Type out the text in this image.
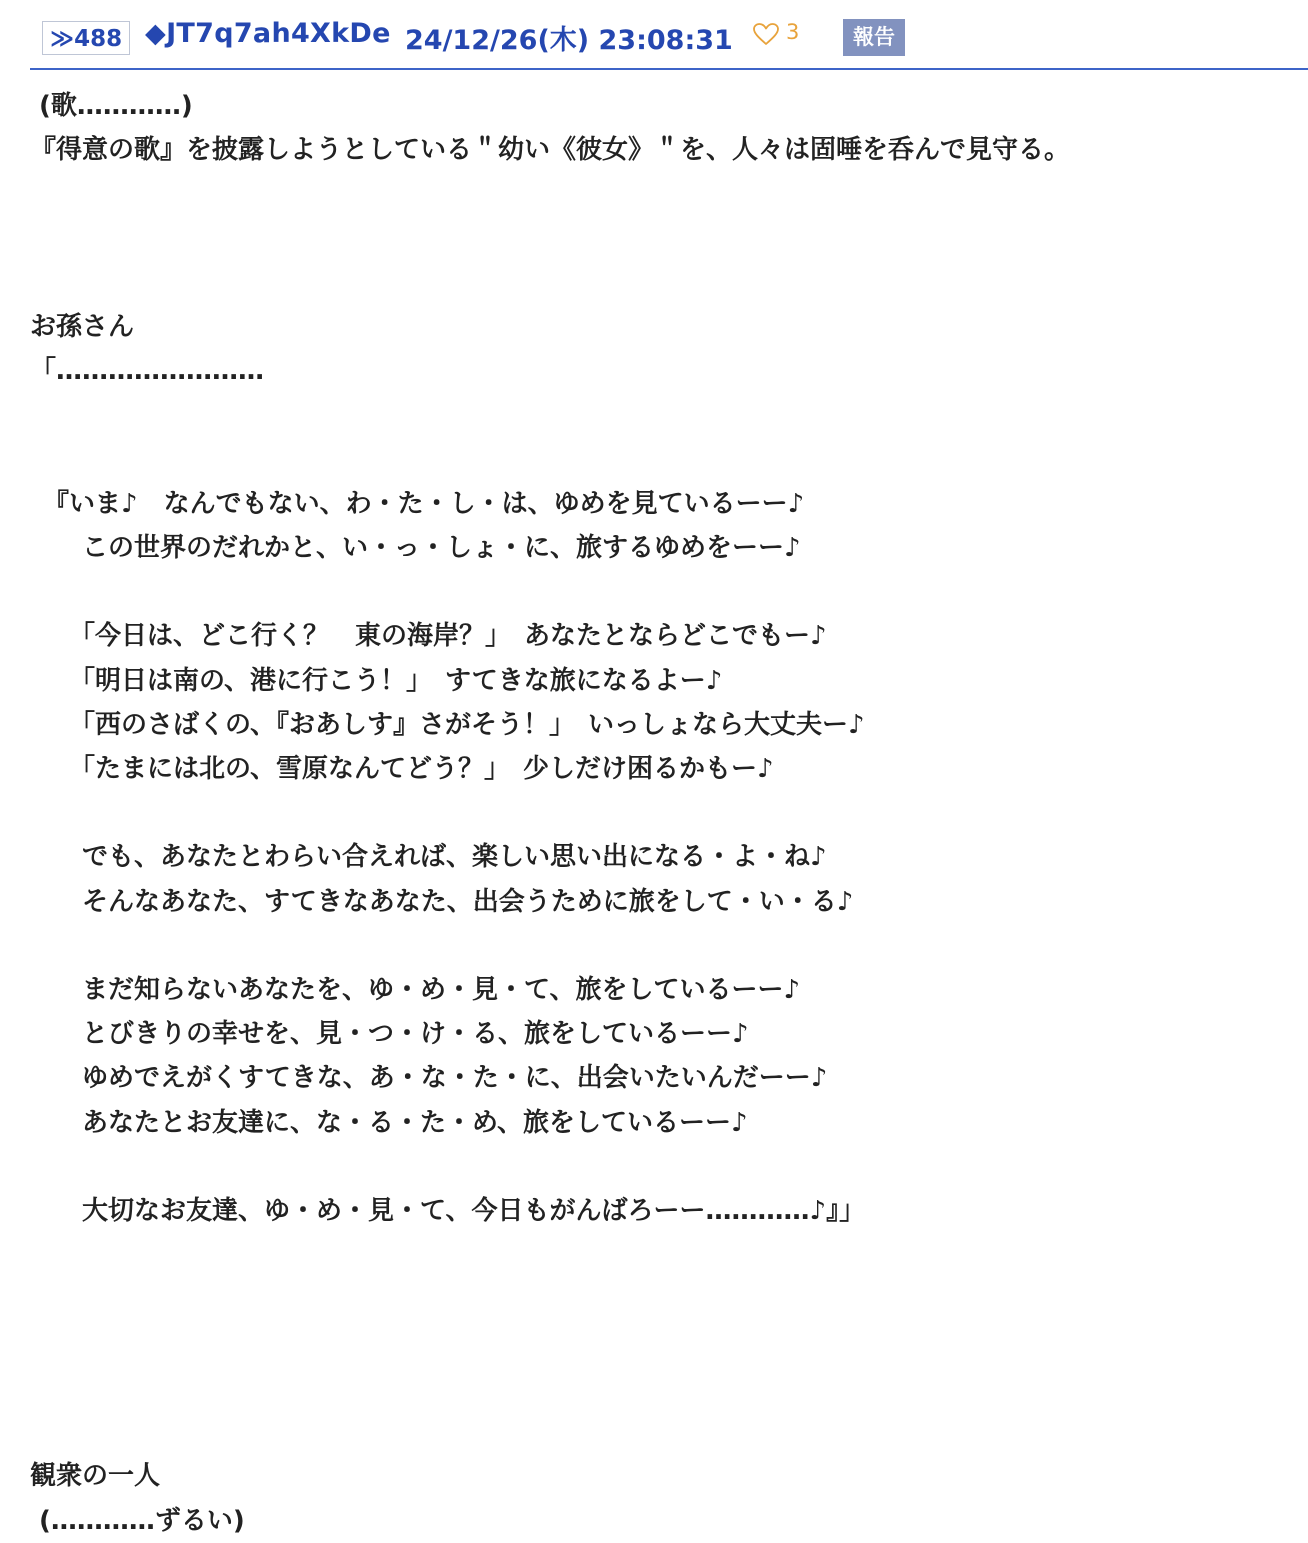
≫488 ◆JT7q7ah4XkDe 24/12/26(木) 23:08:31	3	報告
(歌…………)
『得意の歌』を披露しようとしている＂幼い《彼女》＂を、人々は固唾を呑んで見守る。

お孫さん
「……………………

　『いま♪　なんでもない、わ・た・し・は、ゆめを見ているーー♪
　　この世界のだれかと、い・っ・しょ・に、旅するゆめをーー♪

　　「今日は、どこ行く？　東の海岸？」　あなたとならどこでもー♪
　　「明日は南の、港に行こう！」　すてきな旅になるよー♪
　　「西のさばくの、『おあしす』さがそう！」　いっしょなら大丈夫ー♪
　　「たまには北の、雪原なんてどう？」　少しだけ困るかもー♪

　　でも、あなたとわらい合えれば、楽しい思い出になる・よ・ね♪
　　そんなあなた、すてきなあなた、出会うために旅をして・い・る♪

　　まだ知らないあなたを、ゆ・め・見・て、旅をしているーー♪
　　とびきりの幸せを、見・つ・け・る、旅をしているーー♪
　　ゆめでえがくすてきな、あ・な・た・に、出会いたいんだーー♪
　　あなたとお友達に、な・る・た・め、旅をしているーー♪

　　大切なお友達、ゆ・め・見・て、今日もがんばろーー…………♪』」

観衆の一人
(…………ずるい)
